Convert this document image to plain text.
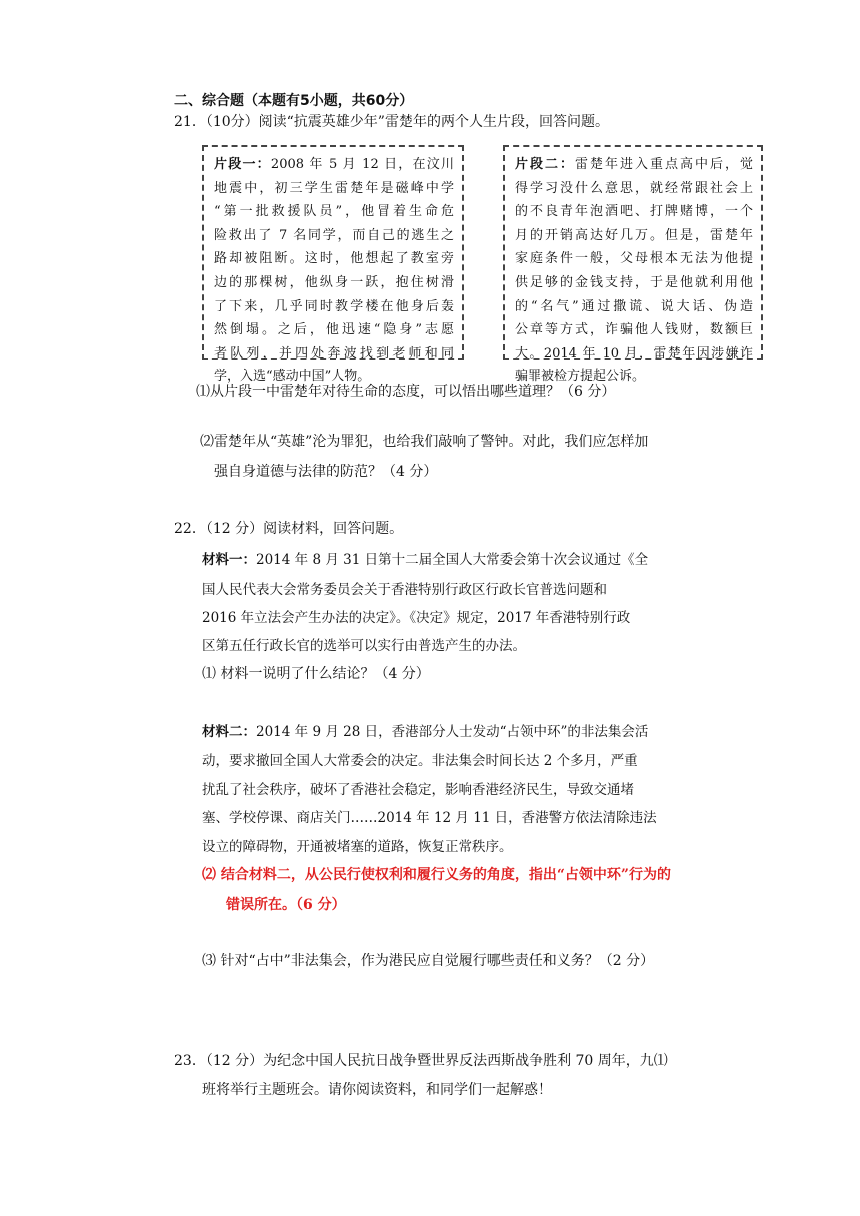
二、综合题（本题有5小题，共60分）
21．（10分）阅读“抗震英雄少年”雷楚年的两个人生片段，回答问题。

片段一：2008 年 5 月 12 日，在汶川

地震中，初三学生雷楚年是磁峰中学

“第一批救援队员”，他冒着生命危

险救出了 7 名同学，而自己的逃生之

路却被阻断。这时，他想起了教室旁

边的那棵树，他纵身一跃，抱住树滑

了下来，几乎同时教学楼在他身后轰

然倒塌。之后，他迅速“隐身”志愿

者队列，并四处奔波找到老师和同

学，入选“感动中国”人物。

片段二：雷楚年进入重点高中后，觉

得学习没什么意思，就经常跟社会上

的不良青年泡酒吧、打牌赌博，一个

月的开销高达好几万。但是，雷楚年

家庭条件一般，父母根本无法为他提

供足够的金钱支持，于是他就利用他

的“名气”通过撒谎、说大话、伪造

公章等方式，诈骗他人钱财，数额巨

大。2014 年 10 月，雷楚年因涉嫌诈

骗罪被检方提起公诉。

⑴从片段一中雷楚年对待生命的态度，可以悟出哪些道理？（6 分）
⑵雷楚年从“英雄”沦为罪犯，也给我们敲响了警钟。对此，我们应怎样加
强自身道德与法律的防范？（4 分）
22．（12 分）阅读材料，回答问题。
材料一：2014 年 8 月 31 日第十二届全国人大常委会第十次会议通过《全
国人民代表大会常务委员会关于香港特别行政区行政长官普选问题和
2016 年立法会产生办法的决定》。《决定》规定，2017 年香港特别行政
区第五任行政长官的选举可以实行由普选产生的办法。
⑴ 材料一说明了什么结论？（4 分）
材料二：2014 年 9 月 28 日，香港部分人士发动“占领中环”的非法集会活
动，要求撤回全国人大常委会的决定。非法集会时间长达 2 个多月，严重
扰乱了社会秩序，破坏了香港社会稳定，影响香港经济民生，导致交通堵
塞、学校停课、商店关门……2014 年 12 月 11 日，香港警方依法清除违法
设立的障碍物，开通被堵塞的道路，恢复正常秩序。
⑵ 结合材料二，从公民行使权利和履行义务的角度，指出“占领中环”行为的
错误所在。（6 分）
⑶ 针对“占中”非法集会，作为港民应自觉履行哪些责任和义务？（2 分）
23．（12 分）为纪念中国人民抗日战争暨世界反法西斯战争胜利 70 周年，九⑴
班将举行主题班会。请你阅读资料，和同学们一起解惑！
